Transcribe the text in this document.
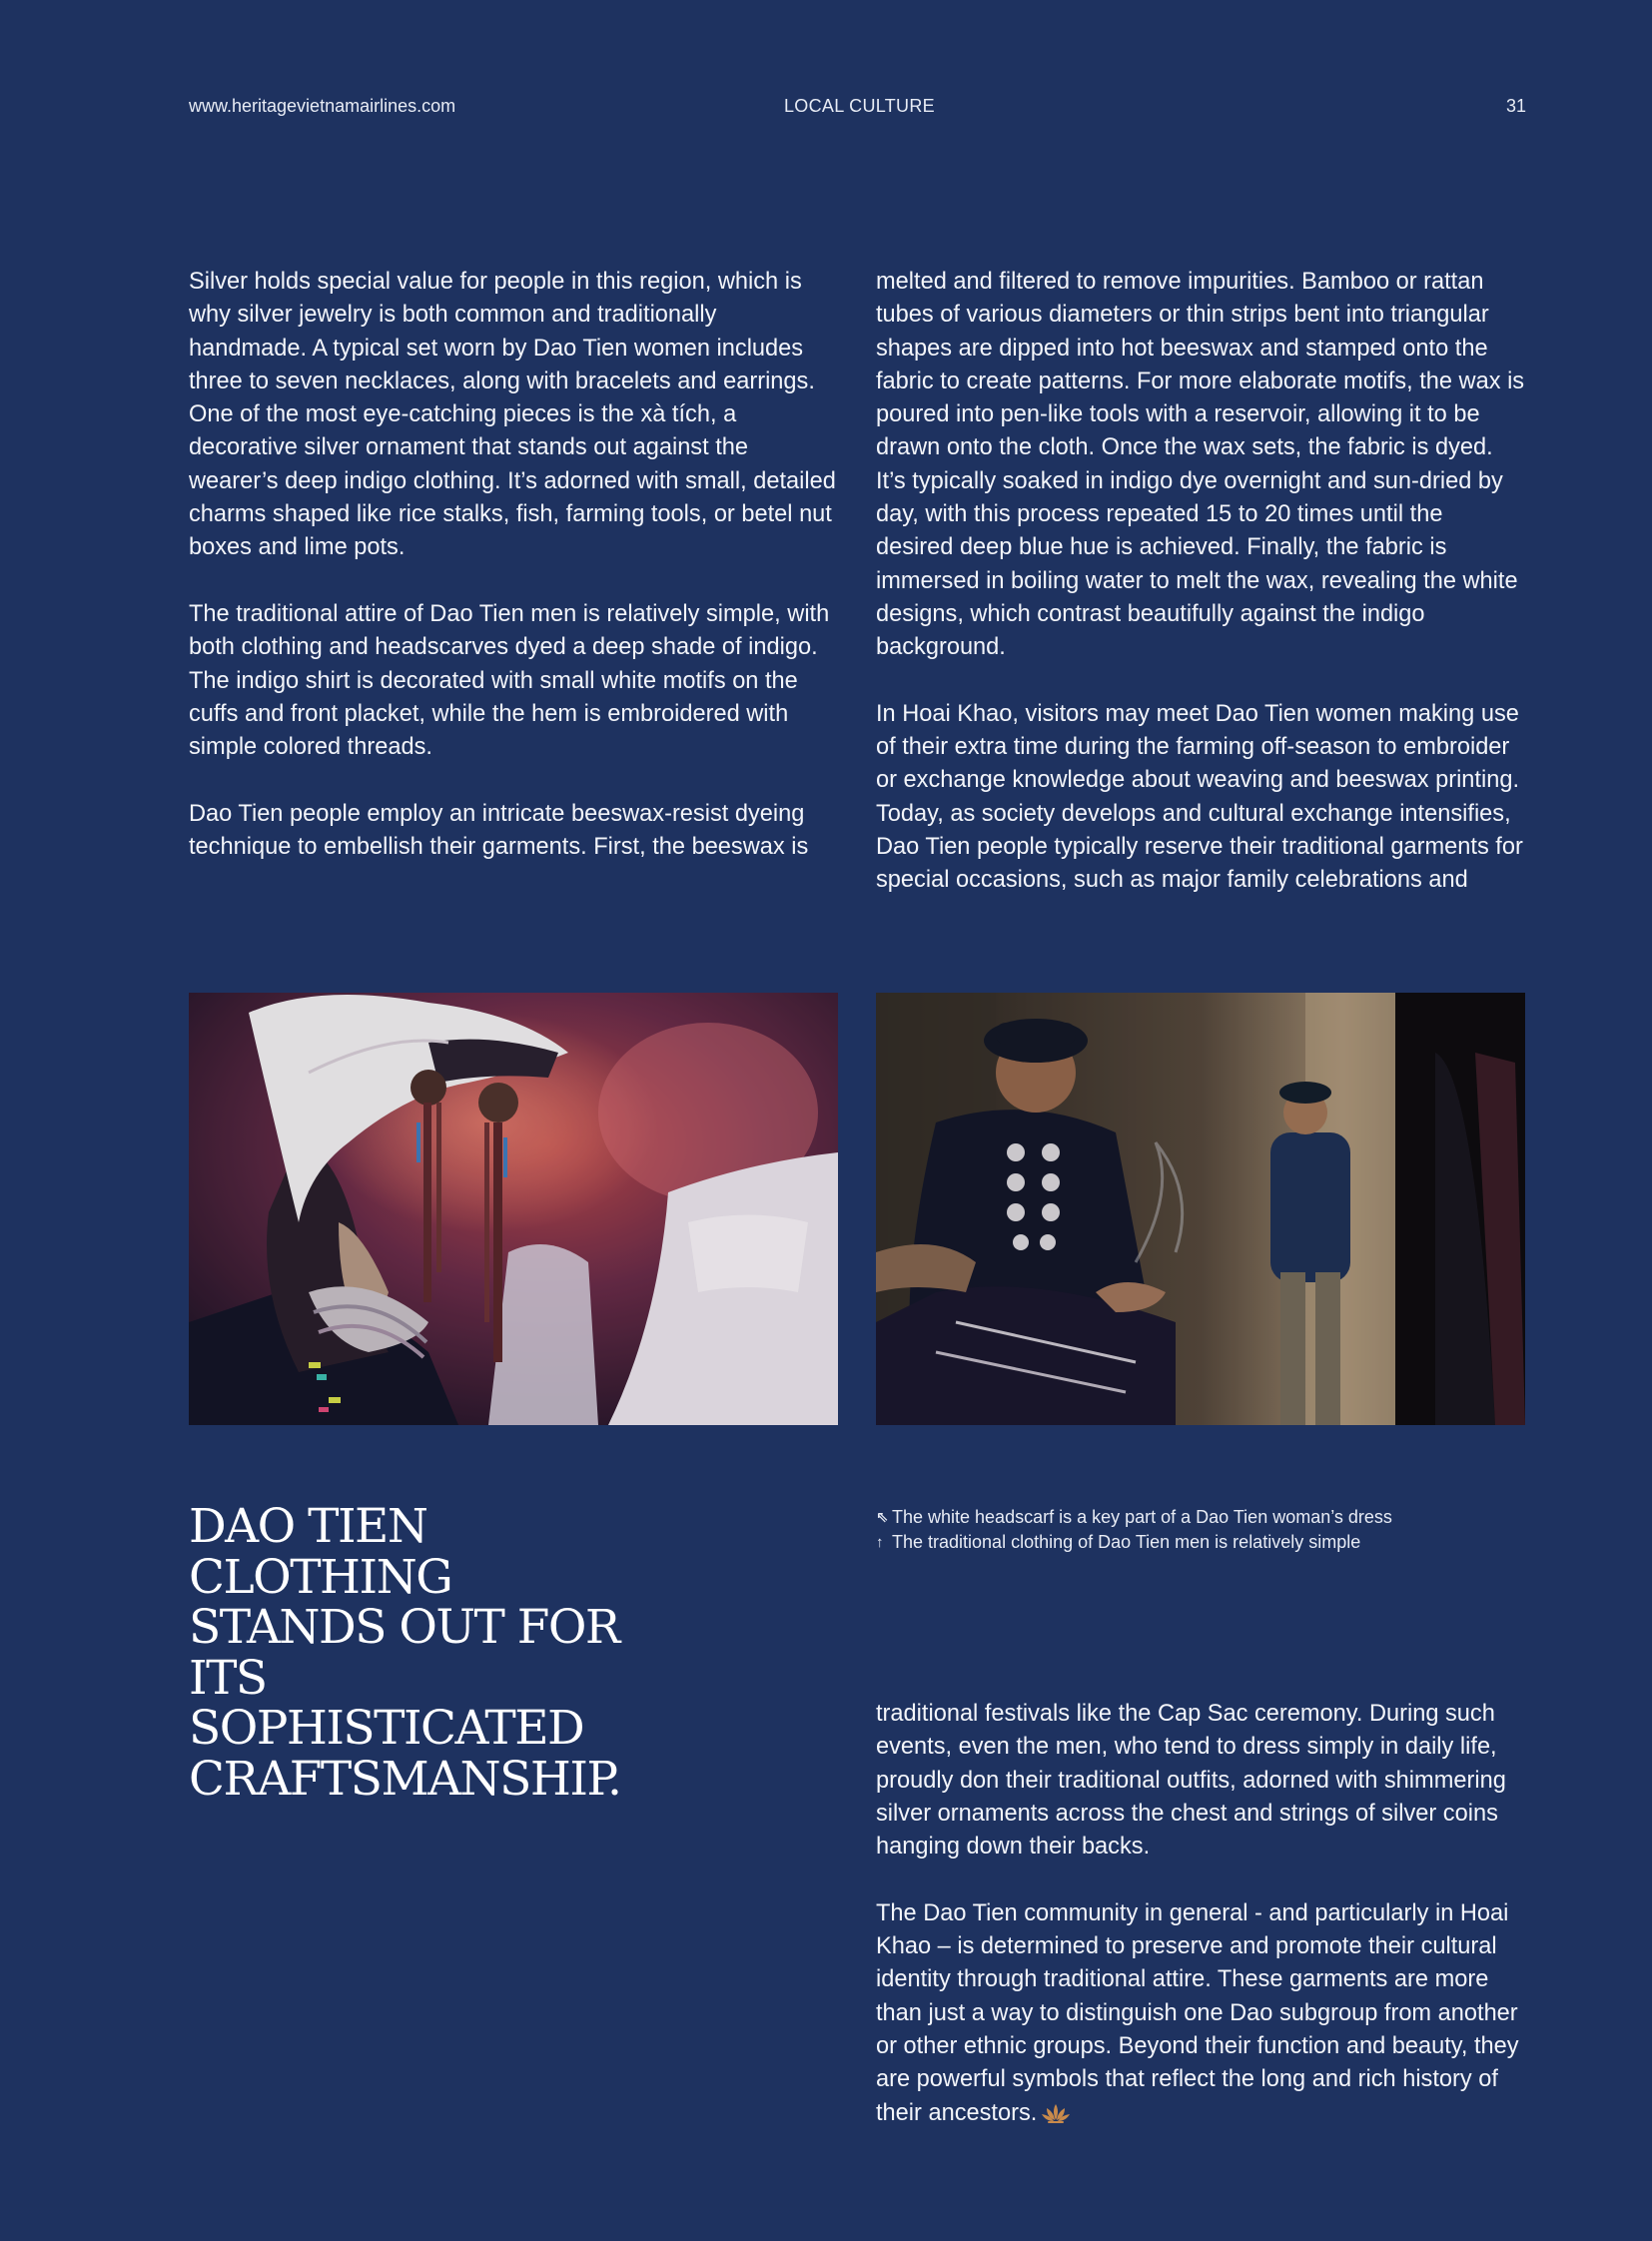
www.heritagevietnamairlines.com	LOCAL CULTURE	31

Silver holds special value for people in this region, which is why silver jewelry is both common and traditionally handmade. A typical set worn by Dao Tien women includes three to seven necklaces, along with bracelets and earrings. One of the most eye-catching pieces is the xà tích, a decorative silver ornament that stands out against the wearer’s deep indigo clothing. It’s adorned with small, detailed charms shaped like rice stalks, fish, farming tools, or betel nut boxes and lime pots.

The traditional attire of Dao Tien men is relatively simple, with both clothing and headscarves dyed a deep shade of indigo. The indigo shirt is decorated with small white motifs on the cuffs and front placket, while the hem is embroidered with simple colored threads.

Dao Tien people employ an intricate beeswax-resist dyeing technique to embellish their garments. First, the beeswax is

melted and filtered to remove impurities. Bamboo or rattan tubes of various diameters or thin strips bent into triangular shapes are dipped into hot beeswax and stamped onto the fabric to create patterns. For more elaborate motifs, the wax is poured into pen-like tools with a reservoir, allowing it to be drawn onto the cloth. Once the wax sets, the fabric is dyed. It’s typically soaked in indigo dye overnight and sun-dried by day, with this process repeated 15 to 20 times until the desired deep blue hue is achieved. Finally, the fabric is immersed in boiling water to melt the wax, revealing the white designs, which contrast beautifully against the indigo background.

In Hoai Khao, visitors may meet Dao Tien women making use of their extra time during the farming off-season to embroider or exchange knowledge about weaving and beeswax printing. Today, as society develops and cultural exchange intensifies, Dao Tien people typically reserve their traditional garments for special occasions, such as major family celebrations and

DAO TIEN CLOTHING STANDS OUT FOR ITS SOPHISTICATED CRAFTSMANSHIP.
⇖ The white headscarf is a key part of a Dao Tien woman’s dress
↑ The traditional clothing of Dao Tien men is relatively simple

traditional festivals like the Cap Sac ceremony. During such events, even the men, who tend to dress simply in daily life, proudly don their traditional outfits, adorned with shimmering silver ornaments across the chest and strings of silver coins hanging down their backs.

The Dao Tien community in general - and particularly in Hoai Khao – is determined to preserve and promote their cultural identity through traditional attire. These garments are more than just a way to distinguish one Dao subgroup from another or other ethnic groups. Beyond their function and beauty, they are powerful symbols that reflect the long and rich history of their ancestors.
